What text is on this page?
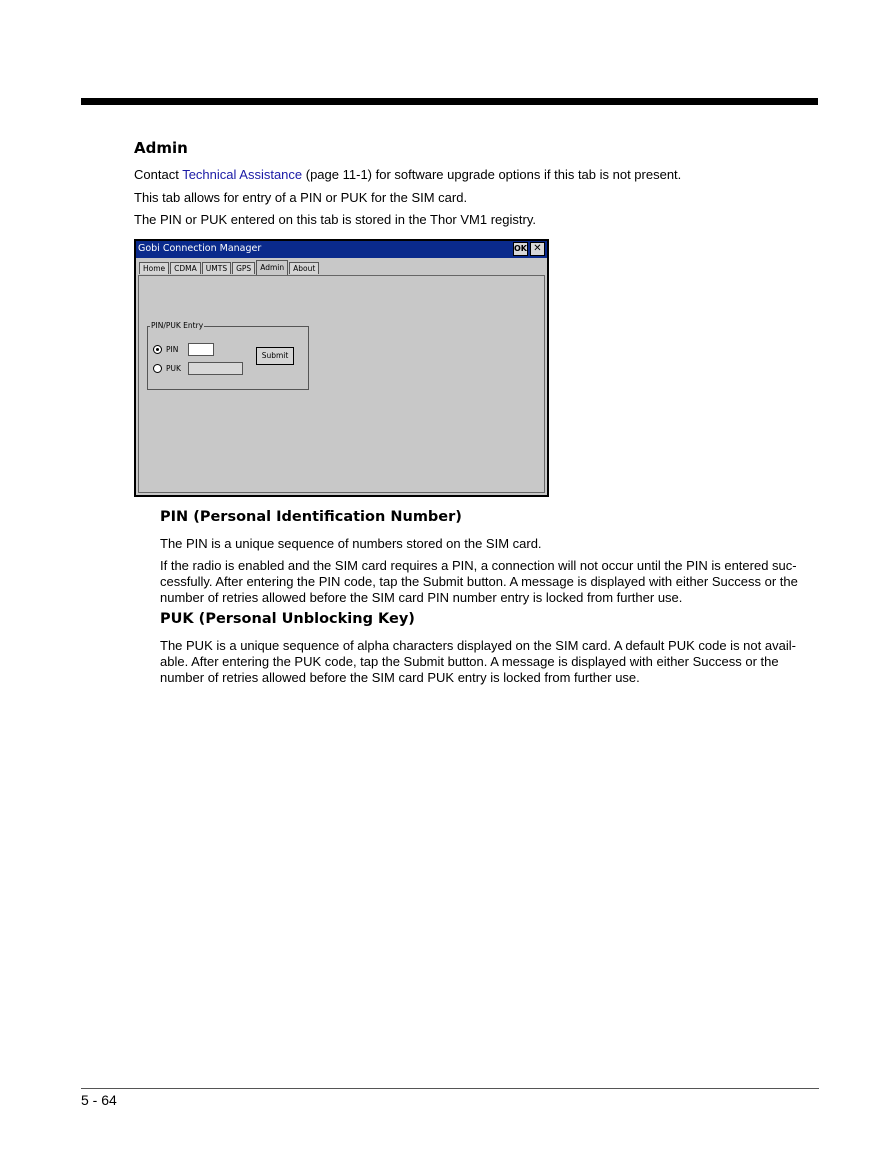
Admin
Contact Technical Assistance (page 11-1) for software upgrade options if this tab is not present.
This tab allows for entry of a PIN or PUK for the SIM card.
The PIN or PUK entered on this tab is stored in the Thor VM1 registry.
Gobi Connection Manager	OK ✕
Home	CDMA	UMTS	GPS	Admin	About
PIN/PUK Entry
PIN
PUK
Submit
PIN (Personal Identification Number)
The PIN is a unique sequence of numbers stored on the SIM card.
If the radio is enabled and the SIM card requires a PIN, a connection will not occur until the PIN is entered suc-cessfully. After entering the PIN code, tap the Submit button. A message is displayed with either Success or the number of retries allowed before the SIM card PIN number entry is locked from further use.
PUK (Personal Unblocking Key)
The PUK is a unique sequence of alpha characters displayed on the SIM card. A default PUK code is not avail-able. After entering the PUK code, tap the Submit button. A message is displayed with either Success or the number of retries allowed before the SIM card PUK entry is locked from further use.
5 - 64
